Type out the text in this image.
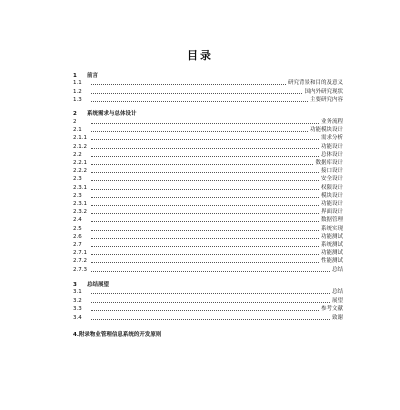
目录
1 前言
1.1	研究背景和目的及意义
1.2	国内外研究现状
1.3	主要研究内容
2 系统需求与总体设计
2	业务流程
2.1	功能模块设计
2.1.1	需求分析
2.1.2	功能设计
2.2	总体设计
2.2.1	数据库设计
2.2.2	接口设计
2.3	安全设计
2.3.1	权限设计
2.3	模块设计
2.3.1	功能设计
2.3.2	界面设计
2.4	数据管理
2.5	系统实现
2.6	功能测试
2.7	系统测试
2.7.1	功能测试
2.7.2	性能测试
2.7.3	总结
3 总结展望
3.1	总结
3.2	展望
3.3	参考文献
3.4	致谢
4.附录物业管理信息系统的开发原则
